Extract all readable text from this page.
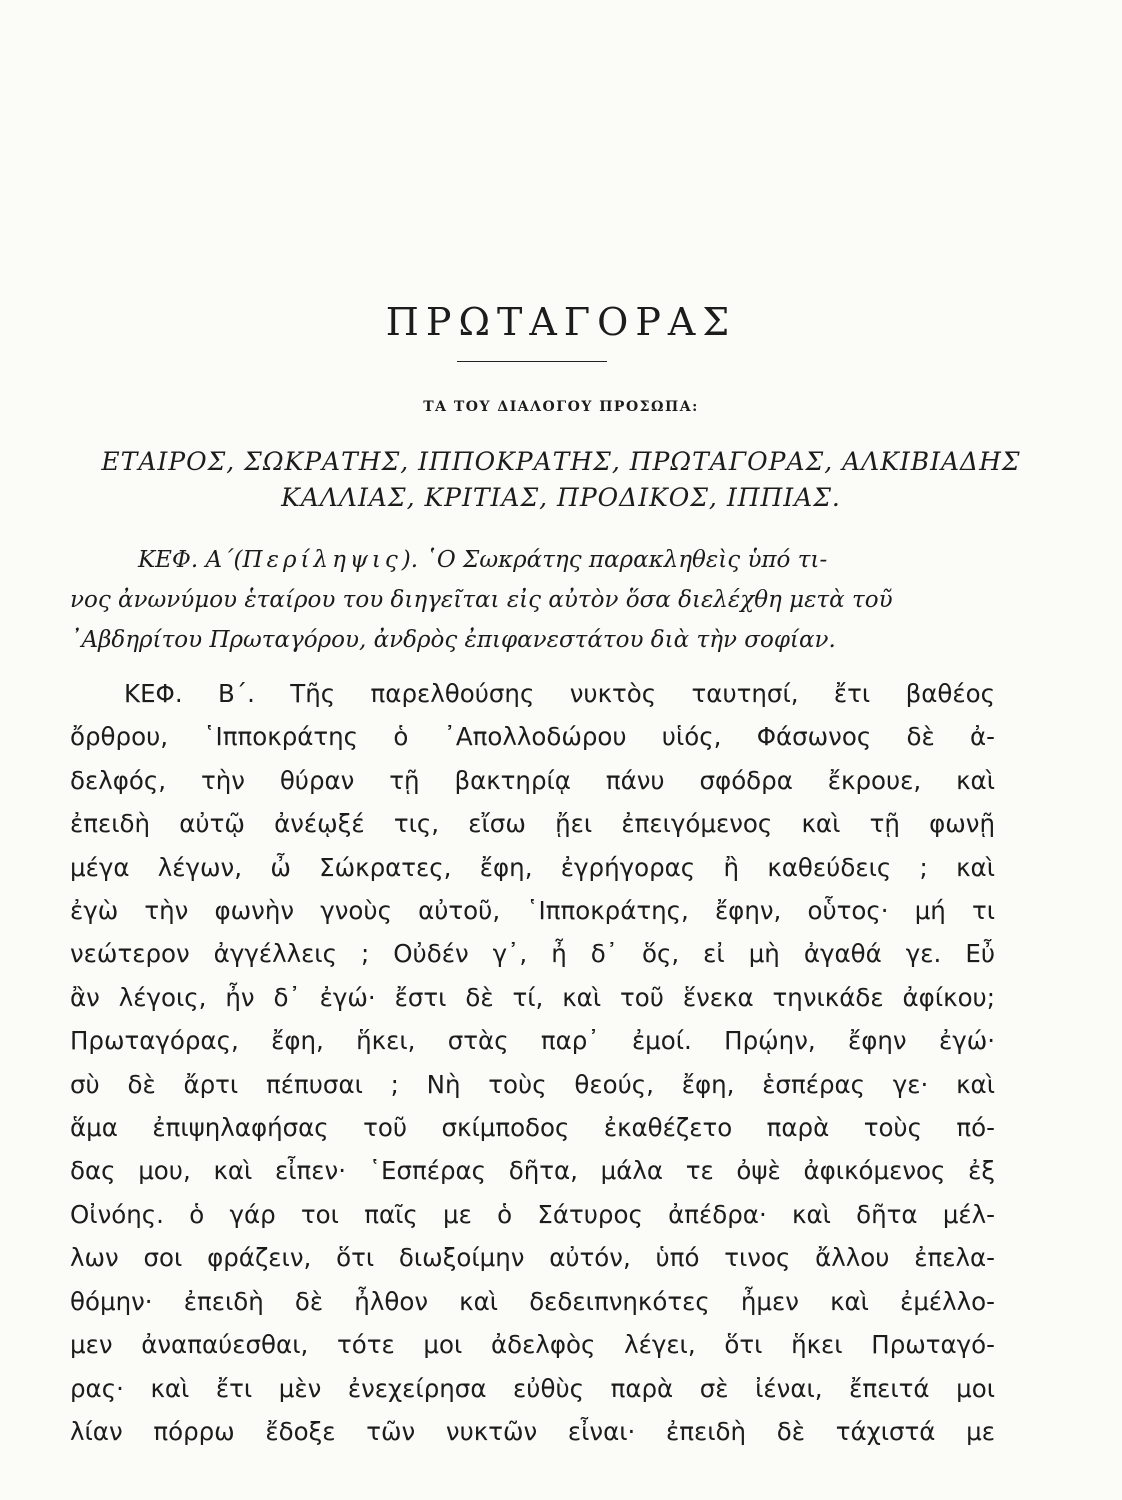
ΠΡΩΤΑΓΟΡΑΣ
ΤΑ ΤΟΥ ΔΙΑΛΟΓΟΥ ΠΡΟΣΩΠΑ:
ΕΤΑΙΡΟΣ, ΣΩΚΡΑΤΗΣ, ΙΠΠΟΚΡΑΤΗΣ, ΠΡΩΤΑΓΟΡΑΣ, ΑΛΚΙΒΙΑΔΗΣ
ΚΑΛΛΙΑΣ, ΚΡΙΤΙΑΣ, ΠΡΟΔΙΚΟΣ, ΙΠΠΙΑΣ.
ΚΕΦ. Α΄(Περίληψις). ῾Ο Σωκράτης παρακληθεὶς ὑπό τι-
νος ἀνωνύμου ἑταίρου του διηγεῖται εἰς αὐτὸν ὅσα διελέχθη μετὰ τοῦ
᾿Αβδηρίτου Πρωταγόρου, ἀνδρὸς ἐπιφανεστάτου διὰ τὴν σοφίαν.
ΚΕΦ. Β΄. Τῆς παρελθούσης νυκτὸς ταυτησί, ἔτι βαθέος
ὄρθρου, ῾Ιπποκράτης ὁ ᾿Απολλοδώρου υἱός, Φάσωνος δὲ ἀ-
δελφός, τὴν θύραν τῇ βακτηρίᾳ πάνυ σφόδρα ἔκρουε, καὶ
ἐπειδὴ αὐτῷ ἀνέῳξέ τις, εἴσω ᾔει ἐπειγόμενος καὶ τῇ φωνῇ
μέγα λέγων, ὦ Σώκρατες, ἔφη, ἐγρήγορας ἢ καθεύδεις ; καὶ
ἐγὼ τὴν φωνὴν γνοὺς αὐτοῦ, ῾Ιπποκράτης, ἔφην, οὗτος· μή τι
νεώτερον ἀγγέλλεις ; Οὐδέν γ᾿, ἦ δ᾿ ὅς, εἰ μὴ ἀγαθά γε. Εὖ
ἂν λέγοις, ἦν δ᾿ ἐγώ· ἔστι δὲ τί, καὶ τοῦ ἕνεκα τηνικάδε ἀφίκου;
Πρωταγόρας, ἔφη, ἥκει, στὰς παρ᾿ ἐμοί. Πρῴην, ἔφην ἐγώ·
σὺ δὲ ἄρτι πέπυσαι ; Νὴ τοὺς θεούς, ἔφη, ἑσπέρας γε· καὶ
ἅμα ἐπιψηλαφήσας τοῦ σκίμποδος ἐκαθέζετο παρὰ τοὺς πό-
δας μου, καὶ εἶπεν· ῾Εσπέρας δῆτα, μάλα τε ὀψὲ ἀφικόμενος ἐξ
Οἰνόης. ὁ γάρ τοι παῖς με ὁ Σάτυρος ἀπέδρα· καὶ δῆτα μέλ-
λων σοι φράζειν, ὅτι διωξοίμην αὐτόν, ὑπό τινος ἄλλου ἐπελα-
θόμην· ἐπειδὴ δὲ ἦλθον καὶ δεδειπνηκότες ἦμεν καὶ ἐμέλλο-
μεν ἀναπαύεσθαι, τότε μοι ἀδελφὸς λέγει, ὅτι ἥκει Πρωταγό-
ρας· καὶ ἔτι μὲν ἐνεχείρησα εὐθὺς παρὰ σὲ ἰέναι, ἔπειτά μοι
λίαν πόρρω ἔδοξε τῶν νυκτῶν εἶναι· ἐπειδὴ δὲ τάχιστά με
